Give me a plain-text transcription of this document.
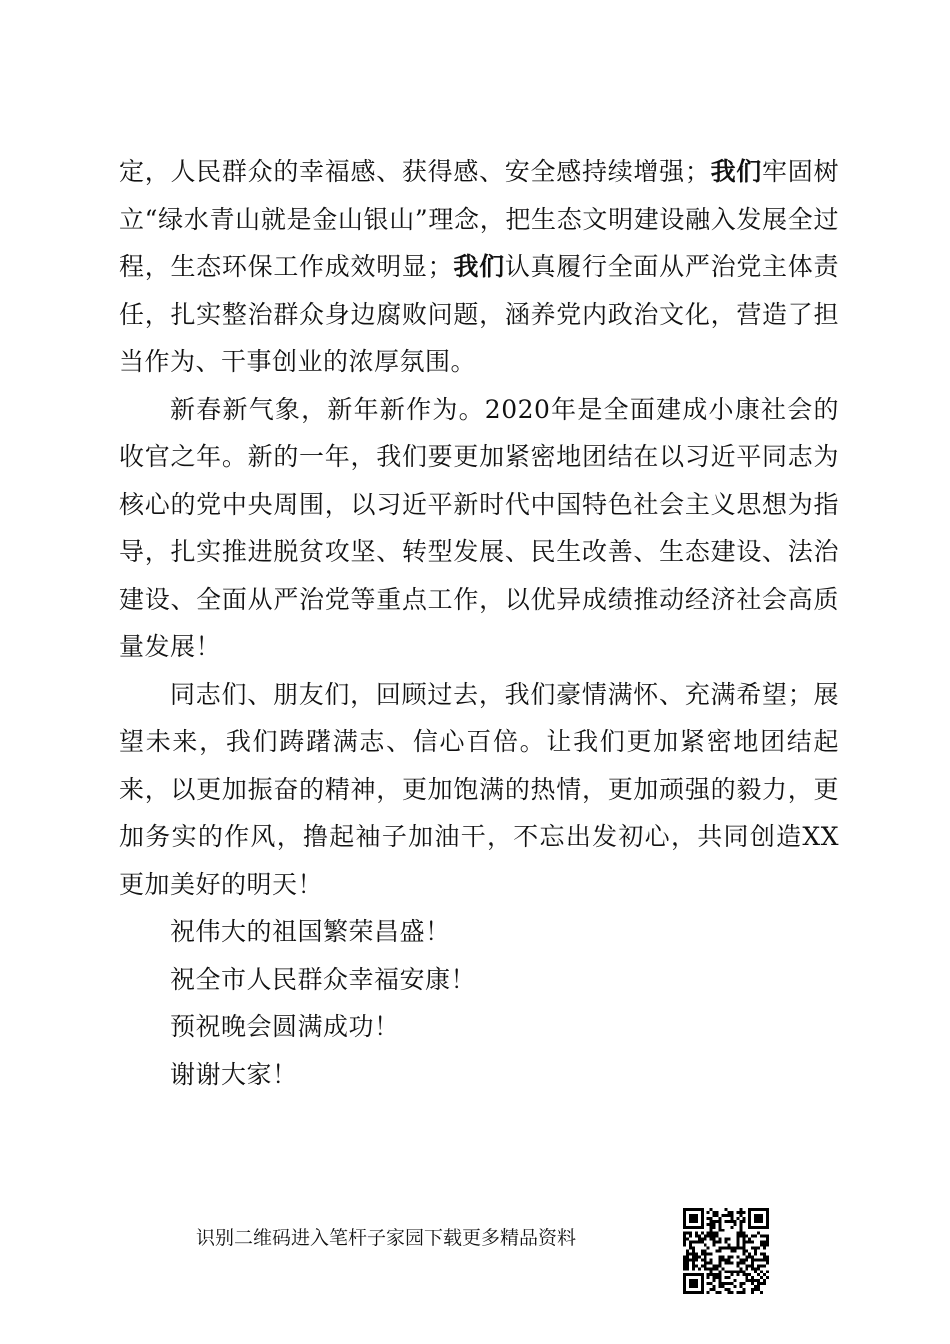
定，人民群众的幸福感、获得感、安全感持续增强；我们牢固树立“绿水青山就是金山银山”理念，把生态文明建设融入发展全过程，生态环保工作成效明显；我们认真履行全面从严治党主体责任，扎实整治群众身边腐败问题，涵养党内政治文化，营造了担当作为、干事创业的浓厚氛围。

新春新气象，新年新作为。2020年是全面建成小康社会的收官之年。新的一年，我们要更加紧密地团结在以习近平同志为核心的党中央周围，以习近平新时代中国特色社会主义思想为指导，扎实推进脱贫攻坚、转型发展、民生改善、生态建设、法治建设、全面从严治党等重点工作，以优异成绩推动经济社会高质量发展！

同志们、朋友们，回顾过去，我们豪情满怀、充满希望；展望未来，我们踌躇满志、信心百倍。让我们更加紧密地团结起来，以更加振奋的精神，更加饱满的热情，更加顽强的毅力，更加务实的作风，撸起袖子加油干，不忘出发初心，共同创造XX更加美好的明天！

祝伟大的祖国繁荣昌盛！

祝全市人民群众幸福安康！

预祝晚会圆满成功！

谢谢大家！

识别二维码进入笔杆子家园下载更多精品资料
